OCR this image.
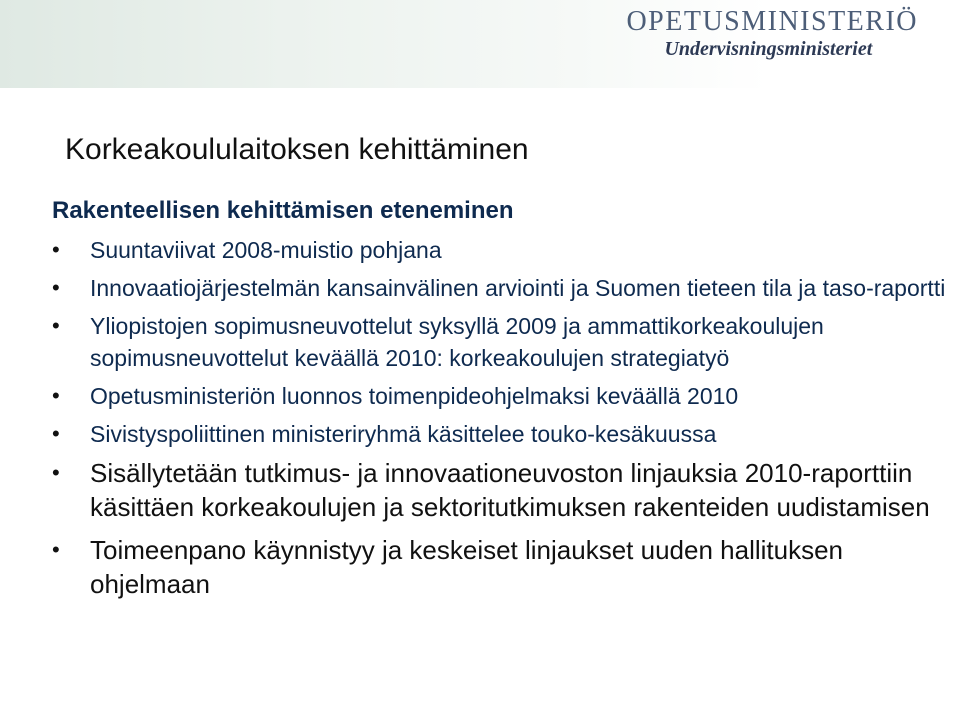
OPETUSMINISTERIÖ
Undervisningsministeriet
Korkeakoululaitoksen kehittäminen
Rakenteellisen kehittämisen eteneminen
• Suuntaviivat 2008-muistio pohjana
• Innovaatiojärjestelmän kansainvälinen arviointi ja Suomen tieteen tila ja taso-raportti
• Yliopistojen sopimusneuvottelut syksyllä 2009 ja ammattikorkeakoulujen sopimusneuvottelut keväällä 2010: korkeakoulujen strategiatyö
• Opetusministeriön luonnos toimenpideohjelmaksi keväällä 2010
• Sivistyspoliittinen ministeriryhmä käsittelee touko-kesäkuussa
• Sisällytetään tutkimus- ja innovaationeuvoston linjauksia 2010-raporttiin käsittäen korkeakoulujen ja sektoritutkimuksen rakenteiden uudistamisen
• Toimeenpano käynnistyy ja keskeiset linjaukset uuden hallituksen ohjelmaan
